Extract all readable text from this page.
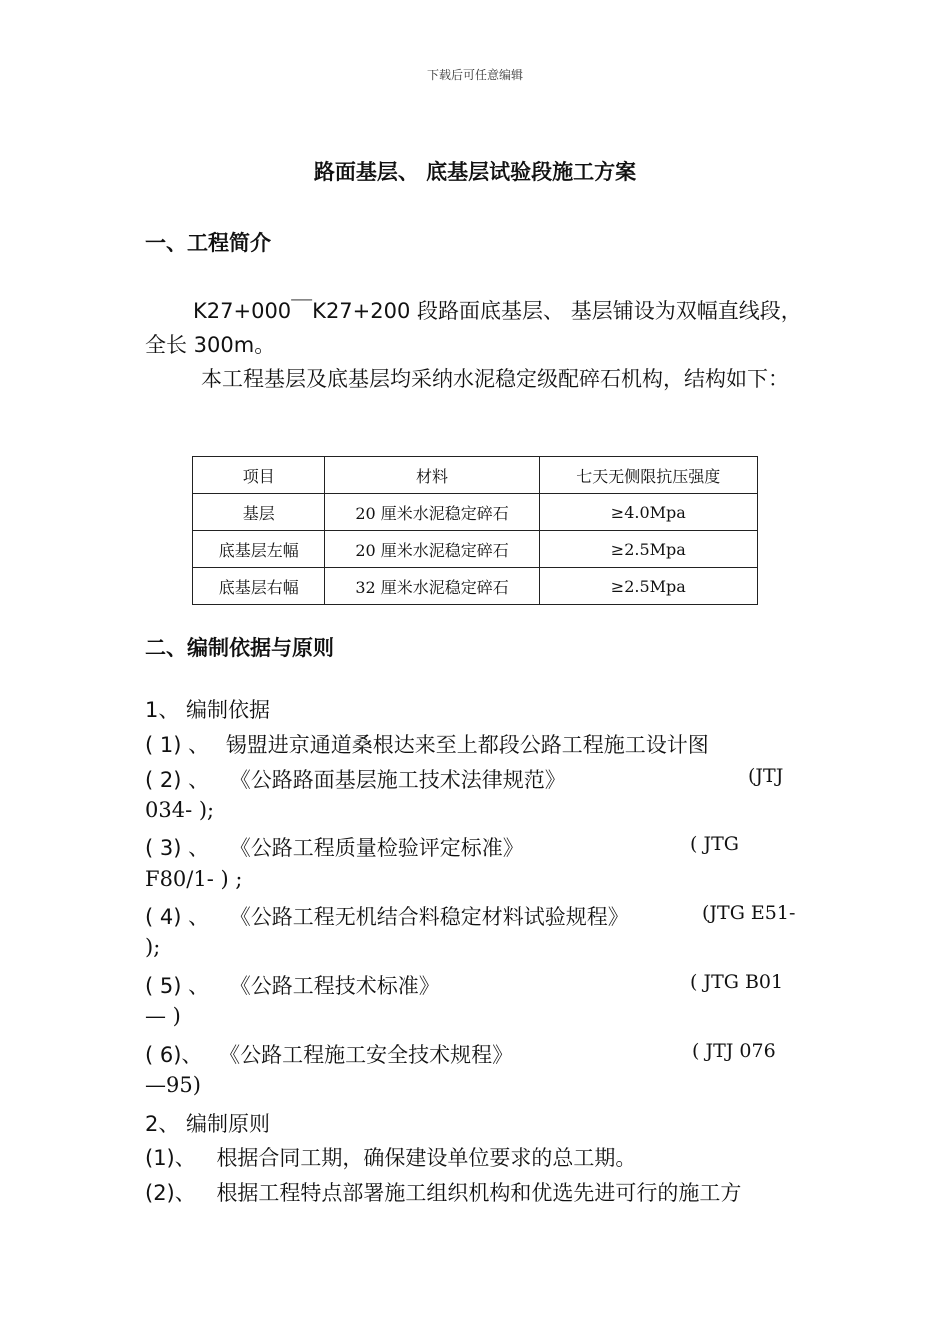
下载后可任意编辑
路面基层、 底基层试验段施工方案
一、工程简介
K27+000￣K27+200 段路面底基层、 基层铺设为双幅直线段，全长 300m。
本工程基层及底基层均采纳水泥稳定级配碎石机构，结构如下：
项目	材料	七天无侧限抗压强度
基层	20 厘米水泥稳定碎石	≥4.0Mpa
底基层左幅	20 厘米水泥稳定碎石	≥2.5Mpa
底基层右幅	32 厘米水泥稳定碎石	≥2.5Mpa
二、编制依据与原则
1、 编制依据
( 1) 、 锡盟进京通道桑根达来至上都段公路工程施工设计图
( 2) 、 《公路路面基层施工技术法律规范》	(JTJ
034- );
( 3) 、 《公路工程质量检验评定标准》	( JTG
F80/1- ) ;
( 4) 、 《公路工程无机结合料稳定材料试验规程》	(JTG E51-
);
( 5) 、 《公路工程技术标准》	( JTG B01
— )
( 6)、 《公路工程施工安全技术规程》	( JTJ 076
—95)
2、 编制原则
(1)、 根据合同工期，确保建设单位要求的总工期。
(2)、 根据工程特点部署施工组织机构和优选先进可行的施工方
